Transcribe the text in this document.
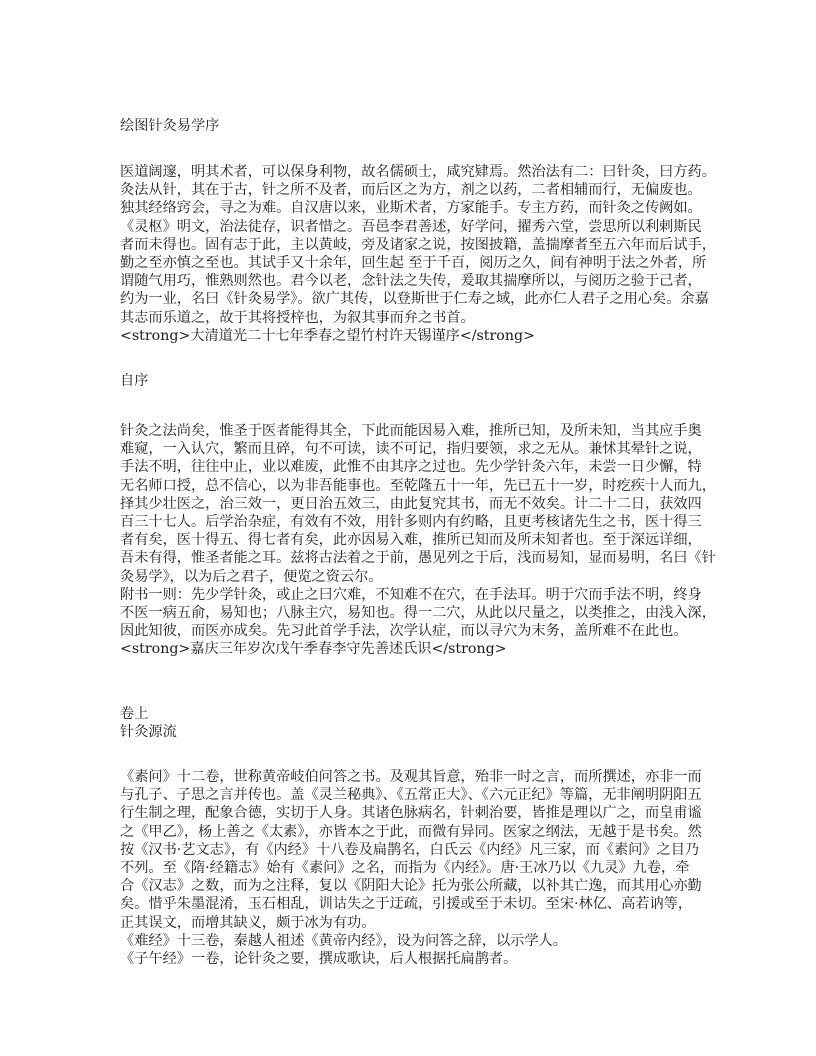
绘图针灸易学序
医道阔邃，明其术者，可以保身利物，故名儒硕士，咸究肄焉。然治法有二：曰针灸，曰方药。
灸法从针，其在于古，针之所不及者，而后区之为方，剂之以药，二者相辅而行，无偏废也。
独其经络窍会，寻之为难。自汉唐以来，业斯术者，方家能手。专主方药，而针灸之传阙如。
《灵枢》明文，治法徒存，识者惜之。吾邑李君善述，好学问，擢秀六堂，尝思所以利剌斯民
者而未得也。固有志于此，主以黄岐，旁及诸家之说，按图披籍，盖揣摩者至五六年而后试手，
勤之至亦慎之至也。其试手又十余年，回生起 至于千百，阅历之久，间有神明于法之外者，所
谓随气用巧，惟熟则然也。君今以老，念针法之失传，爰取其揣摩所以，与阅历之验于己者，
约为一业，名曰《针灸易学》。欲广其传，以登斯世于仁寿之域，此亦仁人君子之用心矣。余嘉
其志而乐道之，故于其将授梓也，为叙其事而弁之书首。
<strong>大清道光二十七年季春之望竹村许天锡谨序</strong>
自序
针灸之法尚矣，惟圣于医者能得其全，下此而能因易入难，推所已知，及所未知，当其应手奥
难窥，一入认穴，繁而且碎，句不可读，读不可记，指归要领，求之无从。兼怵其晕针之说，
手法不明，往往中止，业以难废，此惟不由其序之过也。先少学针灸六年，未尝一日少懈，特
无名师口授，总不信心，以为非吾能事也。至乾隆五十一年，先已五十一岁，时疙疾十人而九，
择其少壮医之，治三效一，更日治五效三，由此复究其书，而无不效矣。计二十二日，获效四
百三十七人。后学治杂症，有效有不效，用针多则内有约略，且更考核诸先生之书，医十得三
者有矣，医十得五、得七者有矣，此亦因易入难，推所已知而及所未知者也。至于深远详细，
吾未有得，惟圣者能之耳。兹将古法着之于前，愚见列之于后，浅而易知，显而易明，名曰《针
灸易学》，以为后之君子，便览之资云尔。
附书一则：先少学针灸，或止之曰穴难，不知难不在穴，在手法耳。明于穴而手法不明，终身
不医一病五俞，易知也；八脉主穴，易知也。得一二穴，从此以尺量之，以类推之，由浅入深，
因此知彼，而医亦成矣。先习此首学手法，次学认症，而以寻穴为末务，盖所难不在此也。
<strong>嘉庆三年岁次戊午季春李守先善述氏识</strong>
卷上
针灸源流
《素问》十二卷，世称黄帝岐伯问答之书。及观其旨意，殆非一时之言，而所撰述，亦非一而
与孔子、子思之言并传也。盖《灵兰秘典》、《五常正大》、《六元正纪》等篇，无非阐明阴阳五
行生制之理，配象合德，实切于人身。其诸色脉病名，针刺治要，皆推是理以广之，而皇甫谧
之《甲乙》，杨上善之《太素》，亦皆本之于此，而微有异同。医家之纲法，无越于是书矣。然
按《汉书·艺文志》，有《内经》十八卷及扁鹊名，白氏云《内经》凡三家，而《素问》之目乃
不列。至《隋·经籍志》始有《素问》之名，而指为《内经》。唐·王冰乃以《九灵》九卷，牵
合《汉志》之数，而为之注释，复以《阴阳大论》托为张公所藏，以补其亡逸，而其用心亦勤
矣。惜乎朱墨混淆，玉石相乱，训诂失之于迂疏，引援或至于未切。至宋·林亿、高若讷等，
正其误文，而增其缺义，颇于冰为有功。
《难经》十三卷，秦越人祖述《黄帝内经》，设为问答之辞，以示学人。
《子午经》一卷，论针灸之要，撰成歌诀，后人根据托扁鹊者。
